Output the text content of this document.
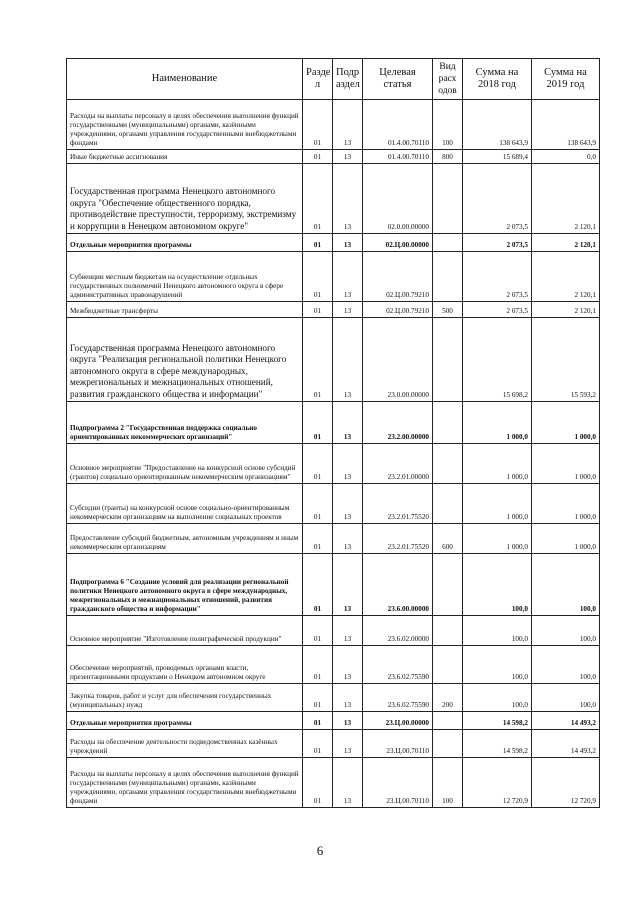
Наименование	Разде л	Подр аздел	Целевая статья	Вид расх одов	Сумма на 2018 год	Сумма на 2019 год
Расходы на выплаты персоналу в целях обеспечения выполнения функций государственными (муниципальными) органами, казёнными учреждениями, органами управления государственными внебюджетными фондами	01	13	01.4.00.70110	100	138 643,9	138 643,9
Иные бюджетные ассигнования	01	13	01.4.00.70110	800	15 689,4	0,0
Государственная программа Ненецкого автономного округа "Обеспечение общественного порядка, противодействие преступности, терроризму, экстремизму и коррупции в Ненецком автономном округе"	01	13	02.0.00.00000		2 073,5	2 120,1
Отдельные мероприятия программы	01	13	02.Ц.00.00000		2 073,5	2 120,1
Субвенции местным бюджетам на осуществление отдельных государственных полномочий Ненецкого автономного округа в сфере административных правонарушений	01	13	02.Ц.00.79210		2 073,5	2 120,1
Межбюджетные трансферты	01	13	02.Ц.00.79210	500	2 073,5	2 120,1
Государственная программа Ненецкого автономного округа "Реализация региональной политики Ненецкого автономного округа в сфере международных, межрегиональных и межнациональных отношений, развития гражданского общества и информации"	01	13	23.0.00.00000		15 698,2	15 593,2
Подпрограмма 2 "Государственная поддержка социально ориентированных некоммерческих организаций"	01	13	23.2.00.00000		1 000,0	1 000,0
Основное мероприятие "Предоставление на конкурсной основе субсидий (грантов) социально ориентированным некоммерческим организациям"	01	13	23.2.01.00000		1 000,0	1 000,0
Субсидии (гранты) на конкурсной основе социально-ориентированным некоммерческим организациям на выполнение социальных проектов	01	13	23.2.01.75520		1 000,0	1 000,0
Предоставление субсидий бюджетным, автономным учреждениям и иным некоммерческим организациям	01	13	23.2.01.75520	600	1 000,0	1 000,0
Подпрограмма 6 "Создание условий для реализации региональной политики Ненецкого автономного округа в сфере международных, межрегиональных и межнациональных отношений, развития гражданского общества и информации"	01	13	23.6.00.00000		100,0	100,0
Основное мероприятие "Изготовление полиграфической продукции"	01	13	23.6.02.00000		100,0	100,0
Обеспечение мероприятий, проводимых органами власти, презентационными продуктами о Ненецком автономном округе	01	13	23.6.02.75590		100,0	100,0
Закупка товаров, работ и услуг для обеспечения государственных (муниципальных) нужд	01	13	23.6.02.75590	200	100,0	100,0
Отдельные мероприятия программы	01	13	23.Ц.00.00000		14 598,2	14 493,2
Расходы на обеспечение деятельности подведомственных казённых учреждений	01	13	23.Ц.00.70110		14 598,2	14 493,2
Расходы на выплаты персоналу в целях обеспечения выполнения функций государственными (муниципальными) органами, казёнными учреждениями, органами управления государственными внебюджетными фондами	01	13	23.Ц.00.70110	100	12 720,9	12 720,9
6
